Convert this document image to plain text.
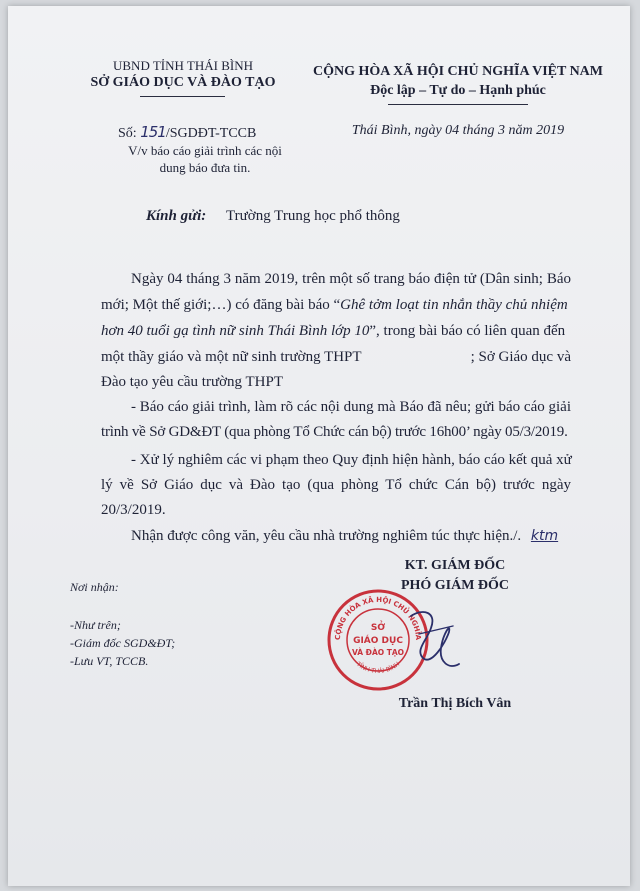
UBND TỈNH THÁI BÌNH
SỞ GIÁO DỤC VÀ ĐÀO TẠO
Số: 151/SGDĐT-TCCB
V/v báo cáo giải trình các nội
dung báo đưa tin.
CỘNG HÒA XÃ HỘI CHỦ NGHĨA VIỆT NAM
Độc lập – Tự do – Hạnh phúc
Thái Bình, ngày 04 tháng 3 năm 2019
Kính gửi: Trường Trung học phổ thông
Ngày 04 tháng 3 năm 2019, trên một số trang báo điện tử (Dân sinh; Báo
mới; Một thế giới;…) có đăng bài báo “Ghê tởm loạt tin nhắn thầy chủ nhiệm
hơn 40 tuổi gạ tình nữ sinh Thái Bình lớp 10”, trong bài báo có liên quan đến
một thầy giáo và một nữ sinh trường THPT	; Sở Giáo dục và
Đào tạo yêu cầu trường THPT
- Báo cáo giải trình, làm rõ các nội dung mà Báo đã nêu; gửi báo cáo giải
trình về Sở GD&ĐT (qua phòng Tổ Chức cán bộ) trước 16h00’ ngày 05/3/2019.
- Xử lý nghiêm các vi phạm theo Quy định hiện hành, báo cáo kết quả xử
lý về Sở Giáo dục và Đào tạo (qua phòng Tổ chức Cán bộ) trước ngày
20/3/2019.
Nhận được công văn, yêu cầu nhà trường nghiêm túc thực hiện./. ktm
KT. GIÁM ĐỐC
PHÓ GIÁM ĐỐC
Nơi nhận:
-Như trên;
-Giám đốc SGD&ĐT;
-Lưu VT, TCCB.
CỘNG HÒA XÃ HỘI CHỦ NGHĨA
TỈNH THÁI BÌNH
SỞ
GIÁO DỤC
VÀ ĐÀO TẠO
Trần Thị Bích Vân
